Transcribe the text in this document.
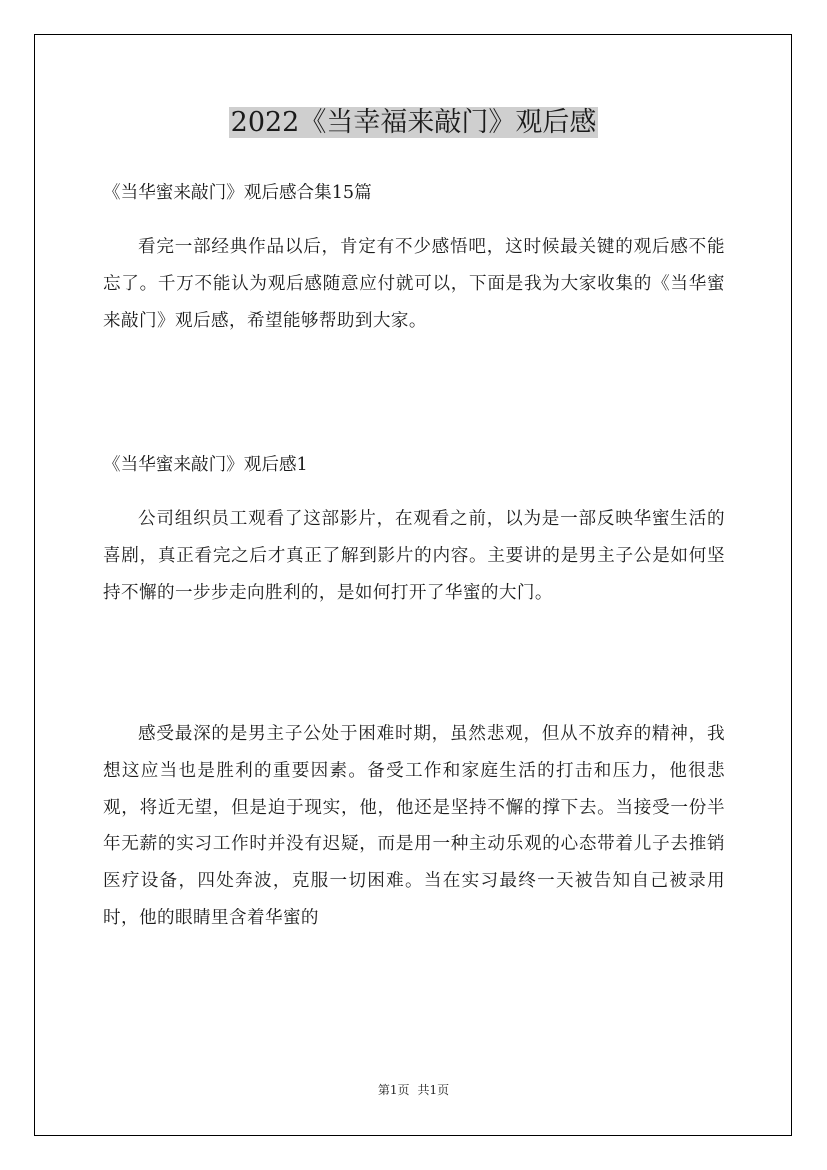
2022《当幸福来敲门》观后感

《当华蜜来敲门》观后感合集15篇

看完一部经典作品以后，肯定有不少感悟吧，这时候最关键的观后感不能忘了。千万不能认为观后感随意应付就可以，下面是我为大家收集的《当华蜜来敲门》观后感，希望能够帮助到大家。

《当华蜜来敲门》观后感1

公司组织员工观看了这部影片，在观看之前，以为是一部反映华蜜生活的喜剧，真正看完之后才真正了解到影片的内容。主要讲的是男主子公是如何坚持不懈的一步步走向胜利的，是如何打开了华蜜的大门。

感受最深的是男主子公处于困难时期，虽然悲观，但从不放弃的精神，我想这应当也是胜利的重要因素。备受工作和家庭生活的打击和压力，他很悲观，将近无望，但是迫于现实，他，他还是坚持不懈的撑下去。当接受一份半年无薪的实习工作时并没有迟疑，而是用一种主动乐观的心态带着儿子去推销医疗设备，四处奔波，克服一切困难。当在实习最终一天被告知自己被录用时，他的眼睛里含着华蜜的

第1页 共1页
